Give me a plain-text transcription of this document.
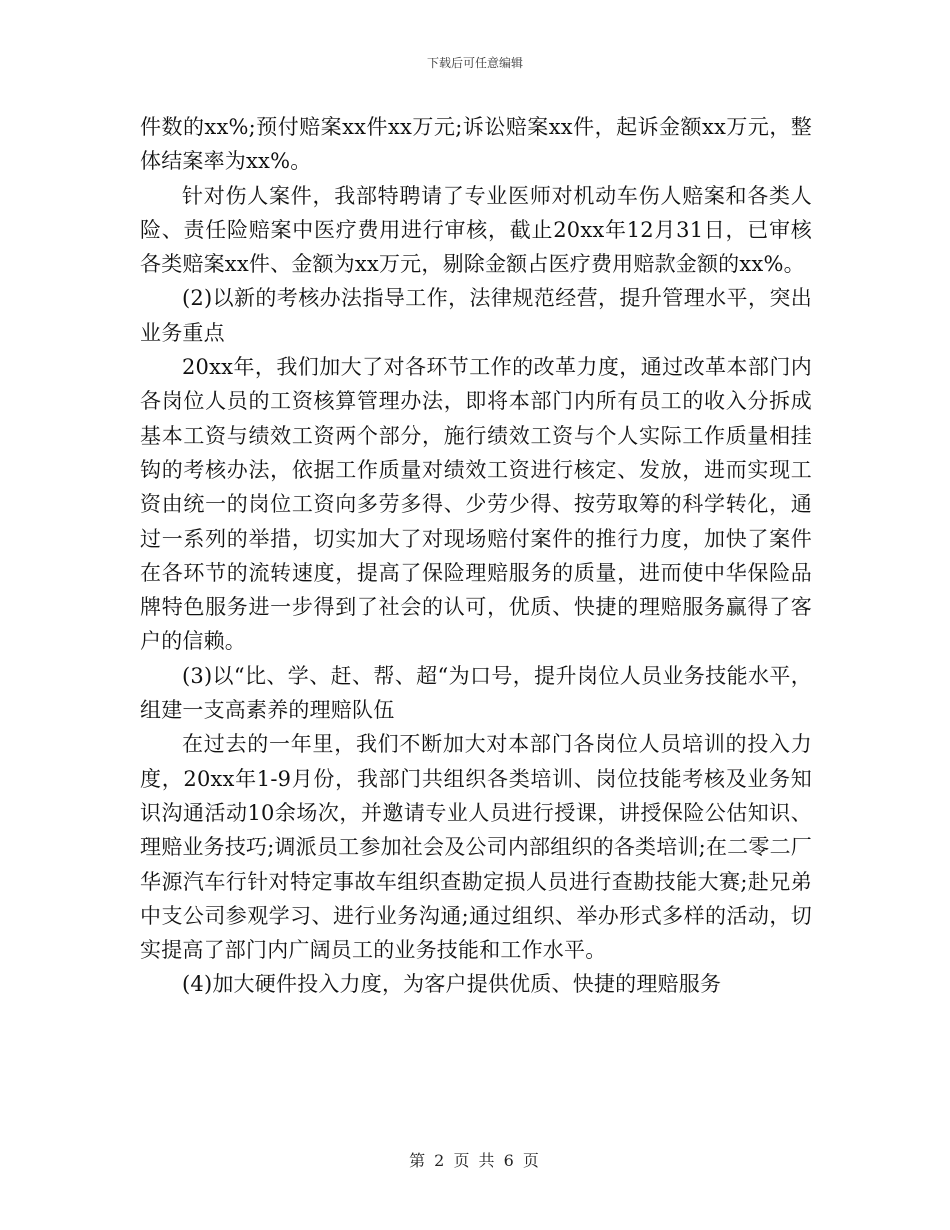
下载后可任意编辑

件数的xx%;预付赔案xx件xx万元;诉讼赔案xx件，起诉金额xx万元，整体结案率为xx%。

针对伤人案件，我部特聘请了专业医师对机动车伤人赔案和各类人险、责任险赔案中医疗费用进行审核，截止20xx年12月31日，已审核各类赔案xx件、金额为xx万元，剔除金额占医疗费用赔款金额的xx%。

(2)以新的考核办法指导工作，法律规范经营，提升管理水平，突出业务重点

20xx年，我们加大了对各环节工作的改革力度，通过改革本部门内各岗位人员的工资核算管理办法，即将本部门内所有员工的收入分拆成基本工资与绩效工资两个部分，施行绩效工资与个人实际工作质量相挂钩的考核办法，依据工作质量对绩效工资进行核定、发放，进而实现工资由统一的岗位工资向多劳多得、少劳少得、按劳取筹的科学转化，通过一系列的举措，切实加大了对现场赔付案件的推行力度，加快了案件在各环节的流转速度，提高了保险理赔服务的质量，进而使中华保险品牌特色服务进一步得到了社会的认可，优质、快捷的理赔服务赢得了客户的信赖。

(3)以“比、学、赶、帮、超“为口号，提升岗位人员业务技能水平，组建一支高素养的理赔队伍

在过去的一年里，我们不断加大对本部门各岗位人员培训的投入力度，20xx年1-9月份，我部门共组织各类培训、岗位技能考核及业务知识沟通活动10余场次，并邀请专业人员进行授课，讲授保险公估知识、理赔业务技巧;调派员工参加社会及公司内部组织的各类培训;在二零二厂华源汽车行针对特定事故车组织查勘定损人员进行查勘技能大赛;赴兄弟中支公司参观学习、进行业务沟通;通过组织、举办形式多样的活动，切实提高了部门内广阔员工的业务技能和工作水平。

(4)加大硬件投入力度，为客户提供优质、快捷的理赔服务

第 2 页 共 6 页
